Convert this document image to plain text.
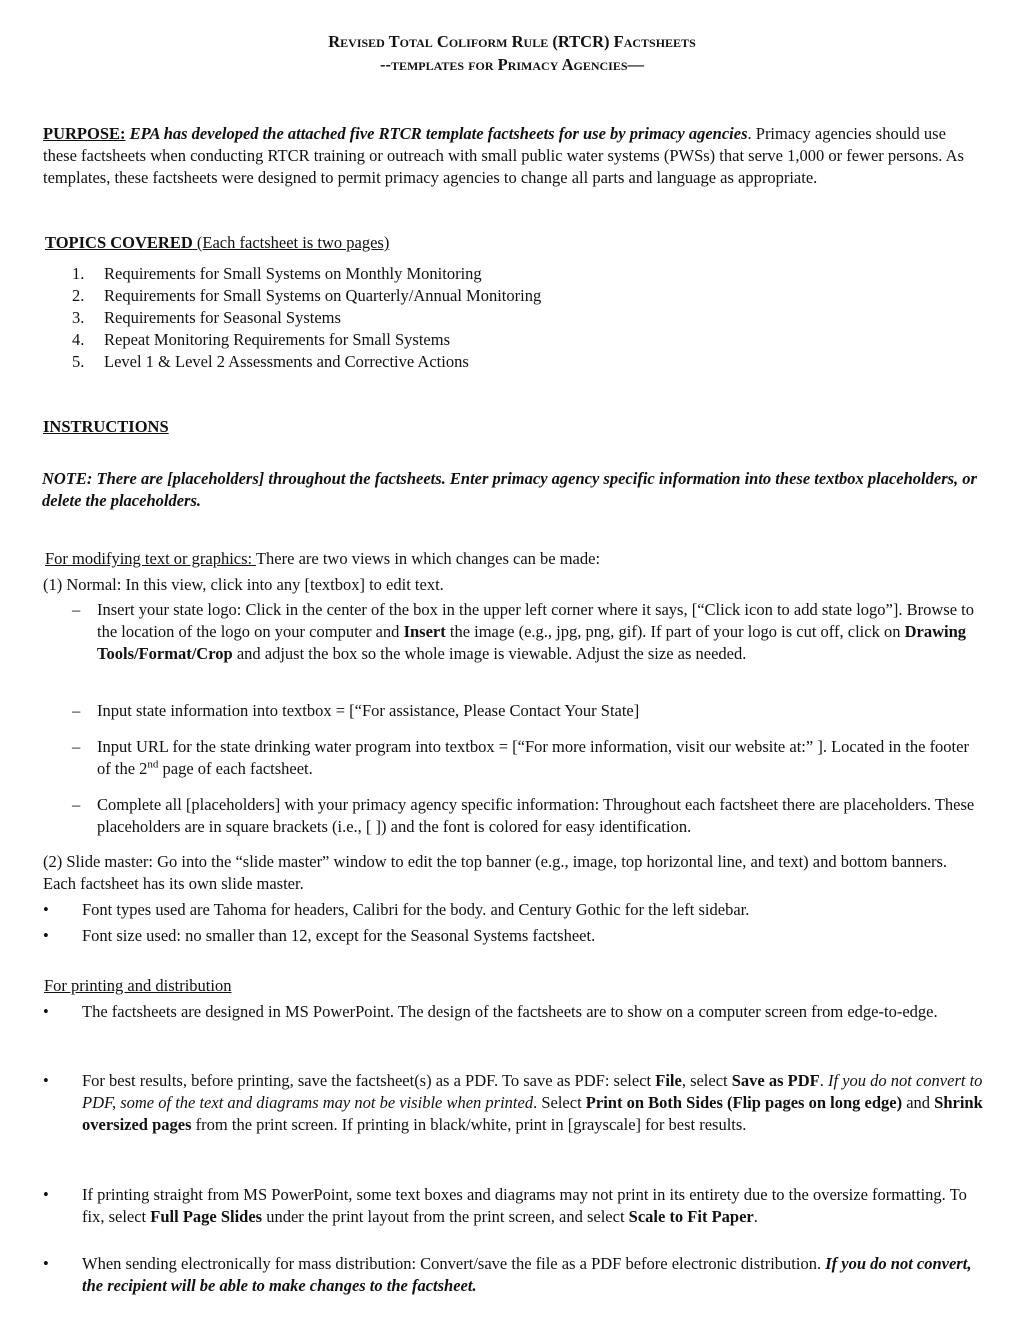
Revised Total Coliform Rule (RTCR) Factsheets
--templates for Primacy Agencies—
PURPOSE: EPA has developed the attached five RTCR template factsheets for use by primacy agencies. Primacy agencies should use these factsheets when conducting RTCR training or outreach with small public water systems (PWSs) that serve 1,000 or fewer persons. As templates, these factsheets were designed to permit primacy agencies to change all parts and language as appropriate.
TOPICS COVERED (Each factsheet is two pages)
1.	Requirements for Small Systems on Monthly Monitoring
2.	Requirements for Small Systems on Quarterly/Annual Monitoring
3.	Requirements for Seasonal Systems
4.	Repeat Monitoring Requirements for Small Systems
5.	Level 1 & Level 2 Assessments and Corrective Actions
INSTRUCTIONS
NOTE: There are [placeholders] throughout the factsheets. Enter primacy agency specific information into these textbox placeholders, or delete the placeholders.
For modifying text or graphics: There are two views in which changes can be made:
(1) Normal: In this view, click into any [textbox] to edit text.
–	Insert your state logo: Click in the center of the box in the upper left corner where it says, [“Click icon to add state logo”]. Browse to the location of the logo on your computer and Insert the image (e.g., jpg, png, gif). If part of your logo is cut off, click on Drawing Tools/Format/Crop and adjust the box so the whole image is viewable. Adjust the size as needed.
–	Input state information into textbox = [“For assistance, Please Contact Your State]
–	Input URL for the state drinking water program into textbox = [“For more information, visit our website at:” ]. Located in the footer of the 2nd page of each factsheet.
–	Complete all [placeholders] with your primacy agency specific information: Throughout each factsheet there are placeholders. These placeholders are in square brackets (i.e., [ ]) and the font is colored for easy identification.
(2) Slide master: Go into the “slide master” window to edit the top banner (e.g., image, top horizontal line, and text) and bottom banners. Each factsheet has its own slide master.
•	Font types used are Tahoma for headers, Calibri for the body. and Century Gothic for the left sidebar.
•	Font size used: no smaller than 12, except for the Seasonal Systems factsheet.
For printing and distribution
•	The factsheets are designed in MS PowerPoint. The design of the factsheets are to show on a computer screen from edge-to-edge.
•	For best results, before printing, save the factsheet(s) as a PDF. To save as PDF: select File, select Save as PDF. If you do not convert to PDF, some of the text and diagrams may not be visible when printed. Select Print on Both Sides (Flip pages on long edge) and Shrink oversized pages from the print screen. If printing in black/white, print in [grayscale] for best results.
•	If printing straight from MS PowerPoint, some text boxes and diagrams may not print in its entirety due to the oversize formatting. To fix, select Full Page Slides under the print layout from the print screen, and select Scale to Fit Paper.
•	When sending electronically for mass distribution: Convert/save the file as a PDF before electronic distribution. If you do not convert, the recipient will be able to make changes to the factsheet.
